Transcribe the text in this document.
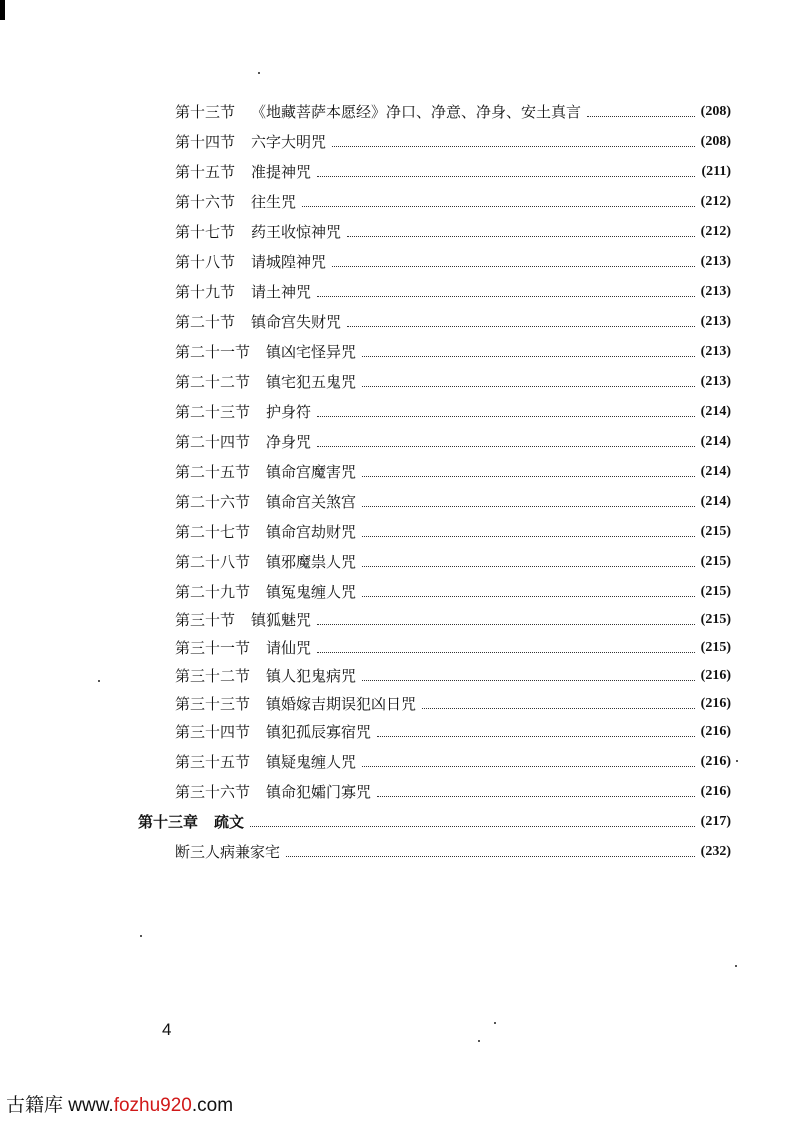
第十三节 《地藏菩萨本愿经》净口、净意、净身、安土真言	(208)
第十四节 六字大明咒	(208)
第十五节 准提神咒	(211)
第十六节 往生咒	(212)
第十七节 药王收惊神咒	(212)
第十八节 请城隍神咒	(213)
第十九节 请土神咒	(213)
第二十节 镇命宫失财咒	(213)
第二十一节 镇凶宅怪异咒	(213)
第二十二节 镇宅犯五鬼咒	(213)
第二十三节 护身符	(214)
第二十四节 净身咒	(214)
第二十五节 镇命宫魔害咒	(214)
第二十六节 镇命宫关煞宫	(214)
第二十七节 镇命宫劫财咒	(215)
第二十八节 镇邪魔祟人咒	(215)
第二十九节 镇冤鬼缠人咒	(215)
第三十节 镇狐魅咒	(215)
第三十一节 请仙咒	(215)
第三十二节 镇人犯鬼病咒	(216)
第三十三节 镇婚嫁吉期误犯凶日咒	(216)
第三十四节 镇犯孤辰寡宿咒	(216)
第三十五节 镇疑鬼缠人咒	(216)
第三十六节 镇命犯孀门寡咒	(216)
第十三章 疏文	(217)
断三人病兼家宅	(232)
4
古籍库 www.fozhu920.com
